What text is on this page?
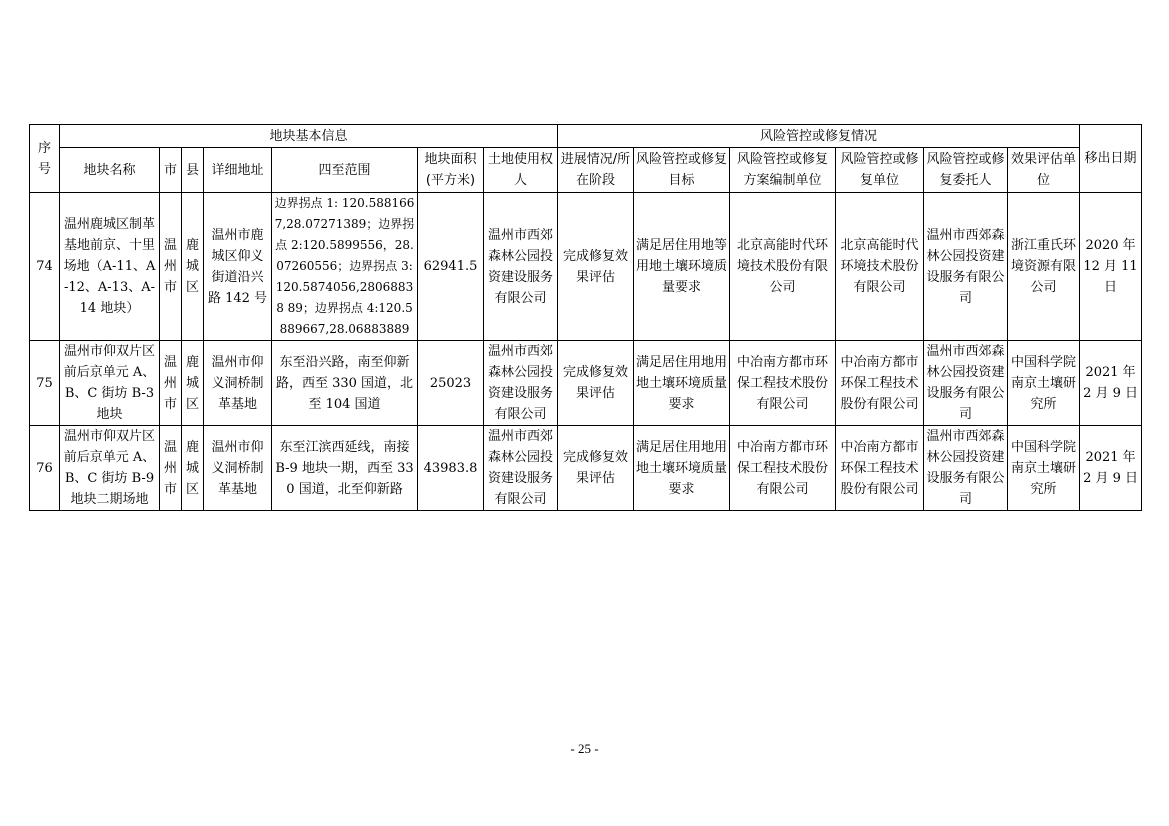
序号	地块基本信息							风险管控或修复情况						移出日期
	地块名称	市	县	详细地址	四至范围	地块面积(平方米)	土地使用权人	进展情况/所在阶段	风险管控或修复目标	风险管控或修复方案编制单位	风险管控或修复单位	风险管控或修复委托人	效果评估单位	
74	温州鹿城区制革基地前京、十里场地（A-11、A-12、A-13、A-14 地块）	温州市	鹿城区	温州市鹿城区仰义街道沿兴路 142 号	边界拐点 1: 120.5881667,28.07271389；边界拐点 2:120.5899556，28.07260556；边界拐点 3: 120.5874056,28068838 89；边界拐点 4:120.5889667,28.06883889	62941.5	温州市西郊森林公园投资建设服务有限公司	完成修复效果评估	满足居住用地等用地土壤环境质量要求	北京高能时代环境技术股份有限公司	北京高能时代环境技术股份有限公司	温州市西郊森林公园投资建设服务有限公司	浙江重氏环境资源有限公司	2020 年 12 月 11 日
75	温州市仰双片区前后京单元 A、B、C 街坊 B-3 地块	温州市	鹿城区	温州市仰义洞桥制革基地	东至沿兴路，南至仰新路，西至 330 国道，北至 104 国道	25023	温州市西郊森林公园投资建设服务有限公司	完成修复效果评估	满足居住用地用地土壤环境质量要求	中冶南方都市环保工程技术股份有限公司	中冶南方都市环保工程技术股份有限公司	温州市西郊森林公园投资建设服务有限公司	中国科学院南京土壤研究所	2021 年 2 月 9 日
76	温州市仰双片区前后京单元 A、B、C 街坊 B-9 地块二期场地	温州市	鹿城区	温州市仰义洞桥制革基地	东至江滨西延线，南接 B-9 地块一期，西至 330 国道，北至仰新路	43983.8	温州市西郊森林公园投资建设服务有限公司	完成修复效果评估	满足居住用地用地土壤环境质量要求	中冶南方都市环保工程技术股份有限公司	中冶南方都市环保工程技术股份有限公司	温州市西郊森林公园投资建设服务有限公司	中国科学院南京土壤研究所	2021 年 2 月 9 日
- 25 -
